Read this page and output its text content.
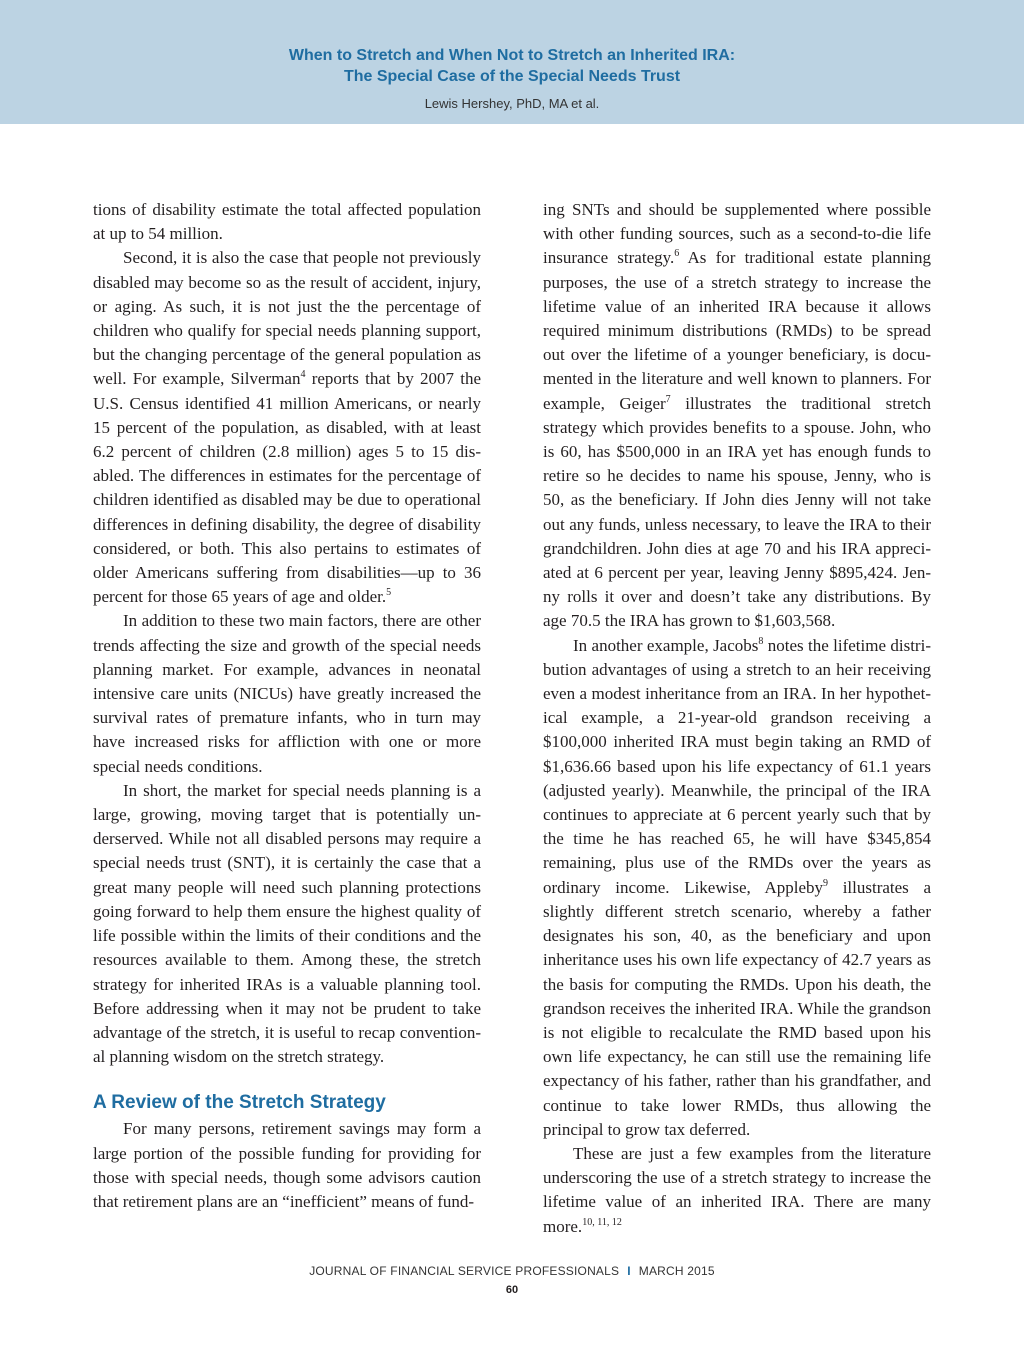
When to Stretch and When Not to Stretch an Inherited IRA:
The Special Case of the Special Needs Trust
Lewis Hershey, PhD, MA et al.

tions of disability estimate the total affected population at up to 54 million.

Second, it is also the case that people not previously disabled may become so as the result of accident, injury, or aging. As such, it is not just the the percentage of children who qualify for special needs planning support, but the changing percentage of the general population as well. For example, Silverman$^4$ reports that by 2007 the U.S. Census identified 41 million Americans, or nearly 15 percent of the population, as disabled, with at least 6.2 percent of children (2.8 million) ages 5 to 15 disabled. The differences in estimates for the percentage of children identified as disabled may be due to operational differences in defining disability, the degree of disability considered, or both. This also pertains to estimates of older Americans suffering from disabilities—up to 36 percent for those 65 years of age and older.$^5$

In addition to these two main factors, there are other trends affecting the size and growth of the special needs planning market. For example, advances in neonatal intensive care units (NICUs) have greatly increased the survival rates of premature infants, who in turn may have increased risks for affliction with one or more special needs conditions.

In short, the market for special needs planning is a large, growing, moving target that is potentially underserved. While not all disabled persons may require a special needs trust (SNT), it is certainly the case that a great many people will need such planning protections going forward to help them ensure the highest quality of life possible within the limits of their conditions and the resources available to them. Among these, the stretch strategy for inherited IRAs is a valuable planning tool. Before addressing when it may not be prudent to take advantage of the stretch, it is useful to recap conventional planning wisdom on the stretch strategy.

A Review of the Stretch Strategy

For many persons, retirement savings may form a large portion of the possible funding for providing for those with special needs, though some advisors caution that retirement plans are an “inefficient” means of fund-

ing SNTs and should be supplemented where possible with other funding sources, such as a second-to-die life insurance strategy.$^6$ As for traditional estate planning purposes, the use of a stretch strategy to increase the lifetime value of an inherited IRA because it allows required minimum distributions (RMDs) to be spread out over the lifetime of a younger beneficiary, is documented in the literature and well known to planners. For example, Geiger$^7$ illustrates the traditional stretch strategy which provides benefits to a spouse. John, who is 60, has $500,000 in an IRA yet has enough funds to retire so he decides to name his spouse, Jenny, who is 50, as the beneficiary. If John dies Jenny will not take out any funds, unless necessary, to leave the IRA to their grandchildren. John dies at age 70 and his IRA appreciated at 6 percent per year, leaving Jenny $895,424. Jenny rolls it over and doesn’t take any distributions. By age 70.5 the IRA has grown to $1,603,568.

In another example, Jacobs$^8$ notes the lifetime distribution advantages of using a stretch to an heir receiving even a modest inheritance from an IRA. In her hypothetical example, a 21-year-old grandson receiving a $100,000 inherited IRA must begin taking an RMD of $1,636.66 based upon his life expectancy of 61.1 years (adjusted yearly). Meanwhile, the principal of the IRA continues to appreciate at 6 percent yearly such that by the time he has reached 65, he will have $345,854 remaining, plus use of the RMDs over the years as ordinary income. Likewise, Appleby$^9$ illustrates a slightly different stretch scenario, whereby a father designates his son, 40, as the beneficiary and upon inheritance uses his own life expectancy of 42.7 years as the basis for computing the RMDs. Upon his death, the grandson receives the inherited IRA. While the grandson is not eligible to recalculate the RMD based upon his own life expectancy, he can still use the remaining life expectancy of his father, rather than his grandfather, and continue to take lower RMDs, thus allowing the principal to grow tax deferred.

These are just a few examples from the literature underscoring the use of a stretch strategy to increase the lifetime value of an inherited IRA. There are many more.$^{10, 11, 12}$

JOURNAL OF FINANCIAL SERVICE PROFESSIONALS I MARCH 2015
60
